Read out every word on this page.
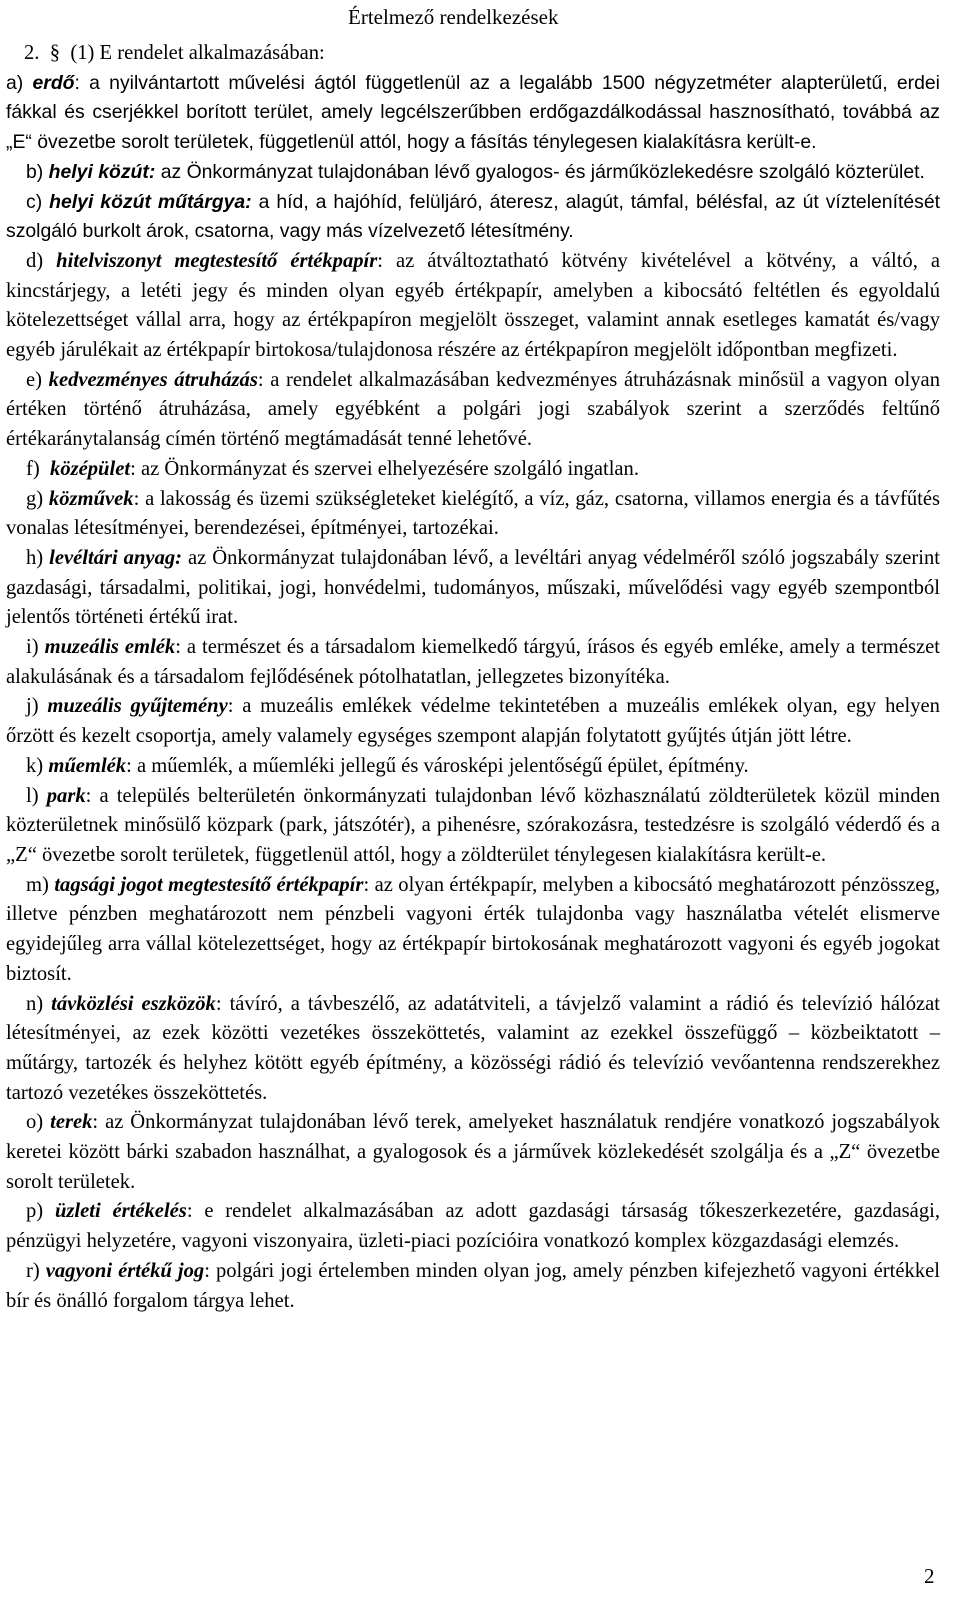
Értelmező rendelkezések

2. § (1) E rendelet alkalmazásában:

a) erdő: a nyilvántartott művelési ágtól függetlenül az a legalább 1500 négyzetméter alapterületű, erdei fákkal és cserjékkel borított terület, amely legcélszerűbben erdőgazdálkodással hasznosítható, továbbá az „E“ övezetbe sorolt területek, függetlenül attól, hogy a fásítás ténylegesen kialakításra került-e.

b) helyi közút: az Önkormányzat tulajdonában lévő gyalogos- és járműközlekedésre szolgáló közterület.

c) helyi közút műtárgya: a híd, a hajóhíd, felüljáró, áteresz, alagút, támfal, bélésfal, az út víztelenítését szolgáló burkolt árok, csatorna, vagy más vízelvezető létesítmény.

d) hitelviszonyt megtestesítő értékpapír: az átváltoztatható kötvény kivételével a kötvény, a váltó, a kincstárjegy, a letéti jegy és minden olyan egyéb értékpapír, amelyben a kibocsátó feltétlen és egyoldalú kötelezettséget vállal arra, hogy az értékpapíron megjelölt összeget, valamint annak esetleges kamatát és/vagy egyéb járulékait az értékpapír birtokosa/tulajdonosa részére az értékpapíron megjelölt időpontban megfizeti.

e) kedvezményes átruházás: a rendelet alkalmazásában kedvezményes átruházásnak minősül a vagyon olyan értéken történő átruházása, amely egyébként a polgári jogi szabályok szerint a szerződés feltűnő értékaránytalanság címén történő megtámadását tenné lehetővé.

f) középület: az Önkormányzat és szervei elhelyezésére szolgáló ingatlan.

g) közművek: a lakosság és üzemi szükségleteket kielégítő, a víz, gáz, csatorna, villamos energia és a távfűtés vonalas létesítményei, berendezései, építményei, tartozékai.

h) levéltári anyag: az Önkormányzat tulajdonában lévő, a levéltári anyag védelméről szóló jogszabály szerint gazdasági, társadalmi, politikai, jogi, honvédelmi, tudományos, műszaki, művelődési vagy egyéb szempontból jelentős történeti értékű irat.

i) muzeális emlék: a természet és a társadalom kiemelkedő tárgyú, írásos és egyéb emléke, amely a természet alakulásának és a társadalom fejlődésének pótolhatatlan, jellegzetes bizonyítéka.

j) muzeális gyűjtemény: a muzeális emlékek védelme tekintetében a muzeális emlékek olyan, egy helyen őrzött és kezelt csoportja, amely valamely egységes szempont alapján folytatott gyűjtés útján jött létre.

k) műemlék: a műemlék, a műemléki jellegű és városképi jelentőségű épület, építmény.

l) park: a település belterületén önkormányzati tulajdonban lévő közhasználatú zöldterületek közül minden közterületnek minősülő közpark (park, játszótér), a pihenésre, szórakozásra, testedzésre is szolgáló véderdő és a „Z“ övezetbe sorolt területek, függetlenül attól, hogy a zöldterület ténylegesen kialakításra került-e.

m) tagsági jogot megtestesítő értékpapír: az olyan értékpapír, melyben a kibocsátó meghatározott pénzösszeg, illetve pénzben meghatározott nem pénzbeli vagyoni érték tulajdonba vagy használatba vételét elismerve egyidejűleg arra vállal kötelezettséget, hogy az értékpapír birtokosának meghatározott vagyoni és egyéb jogokat biztosít.

n) távközlési eszközök: távíró, a távbeszélő, az adatátviteli, a távjelző valamint a rádió és televízió hálózat létesítményei, az ezek közötti vezetékes összeköttetés, valamint az ezekkel összefüggő – közbeiktatott – műtárgy, tartozék és helyhez kötött egyéb építmény, a közösségi rádió és televízió vevőantenna rendszerekhez tartozó vezetékes összeköttetés.

o) terek: az Önkormányzat tulajdonában lévő terek, amelyeket használatuk rendjére vonatkozó jogszabályok keretei között bárki szabadon használhat, a gyalogosok és a járművek közlekedését szolgálja és a „Z“ övezetbe sorolt területek.

p) üzleti értékelés: e rendelet alkalmazásában az adott gazdasági társaság tőkeszerkezetére, gazdasági, pénzügyi helyzetére, vagyoni viszonyaira, üzleti-piaci pozícióira vonatkozó komplex közgazdasági elemzés.

r) vagyoni értékű jog: polgári jogi értelemben minden olyan jog, amely pénzben kifejezhető vagyoni értékkel bír és önálló forgalom tárgya lehet.

2
